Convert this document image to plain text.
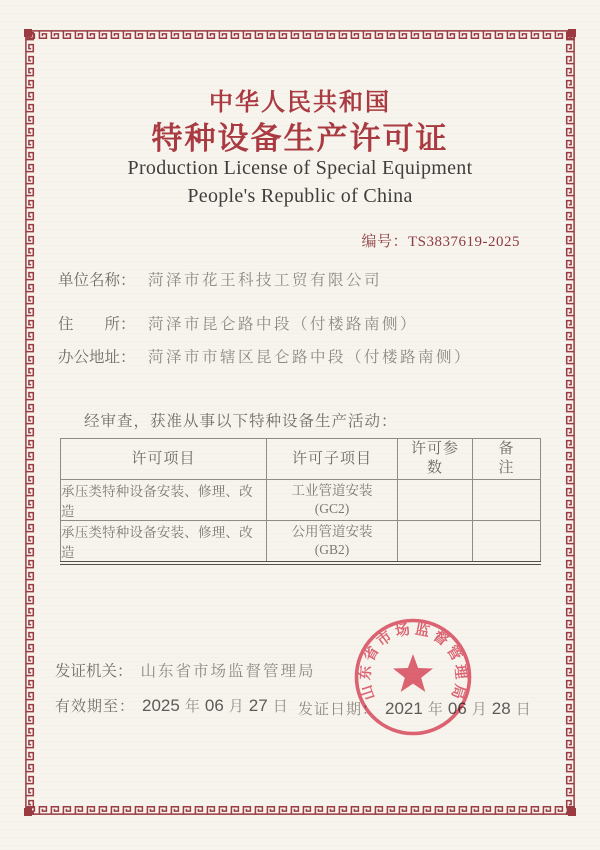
中华人民共和国
特种设备生产许可证
Production License of Special Equipment
People's Republic of China
编号：TS3837619-2025
单位名称： 菏泽市花王科技工贸有限公司
住　　所： 菏泽市昆仑路中段（付楼路南侧）
办公地址： 菏泽市市辖区昆仑路中段（付楼路南侧）
经审查，获准从事以下特种设备生产活动：
许可项目	许可子项目	许可参数	备注
承压类特种设备安装、修理、改造	工业管道安装
(GC2)		

承压类特种设备安装、修理、改造	公用管道安装
(GB2)		

发证机关： 山东省市场监督管理局
有效期至： 2025 年 06 月 27 日 发证日期： 2021 年 06 月 28 日
山东省市场监督管理局
